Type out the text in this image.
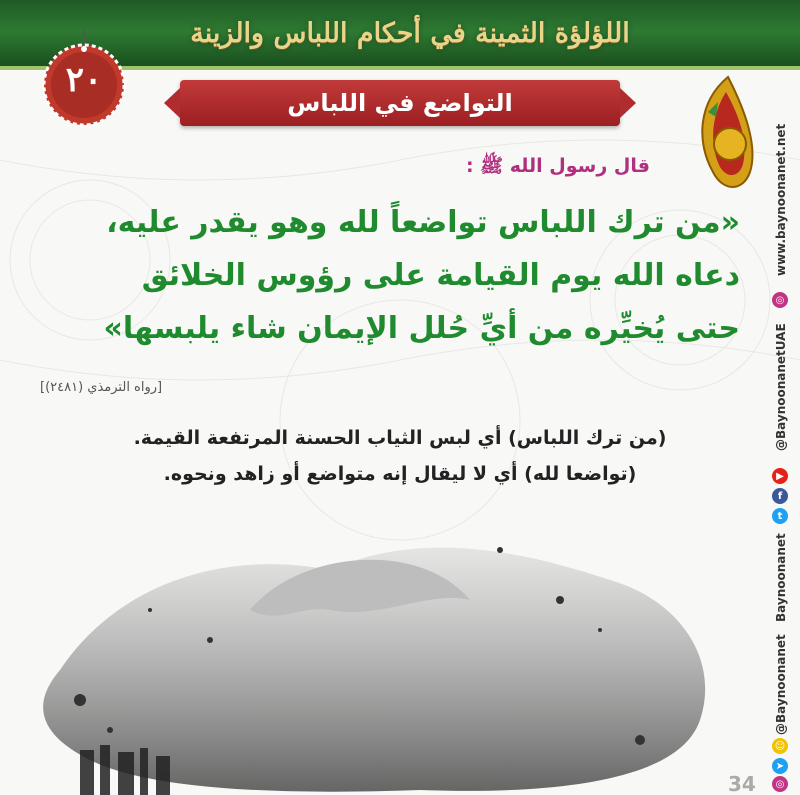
اللؤلؤة الثمينة في أحكام اللباس والزينة
٢٠
التواضع في اللباس
www.baynoonanet.net
◎
@BaynoonanetUAE
▶
f
t
Baynoonanet
@Baynoonanet
☺
➤
◎
قال رسول الله ﷺ :
«من ترك اللباس تواضعاً لله وهو يقدر عليه،
دعاه الله يوم القيامة على رؤوس الخلائق
حتى يُخيِّره من أيِّ حُلل الإيمان شاء يلبسها»
[رواه الترمذي (٢٤٨١)]
(من ترك اللباس) أي لبس الثياب الحسنة المرتفعة القيمة.
(تواضعا لله) أي لا ليقال إنه متواضع أو زاهد ونحوه.
34
